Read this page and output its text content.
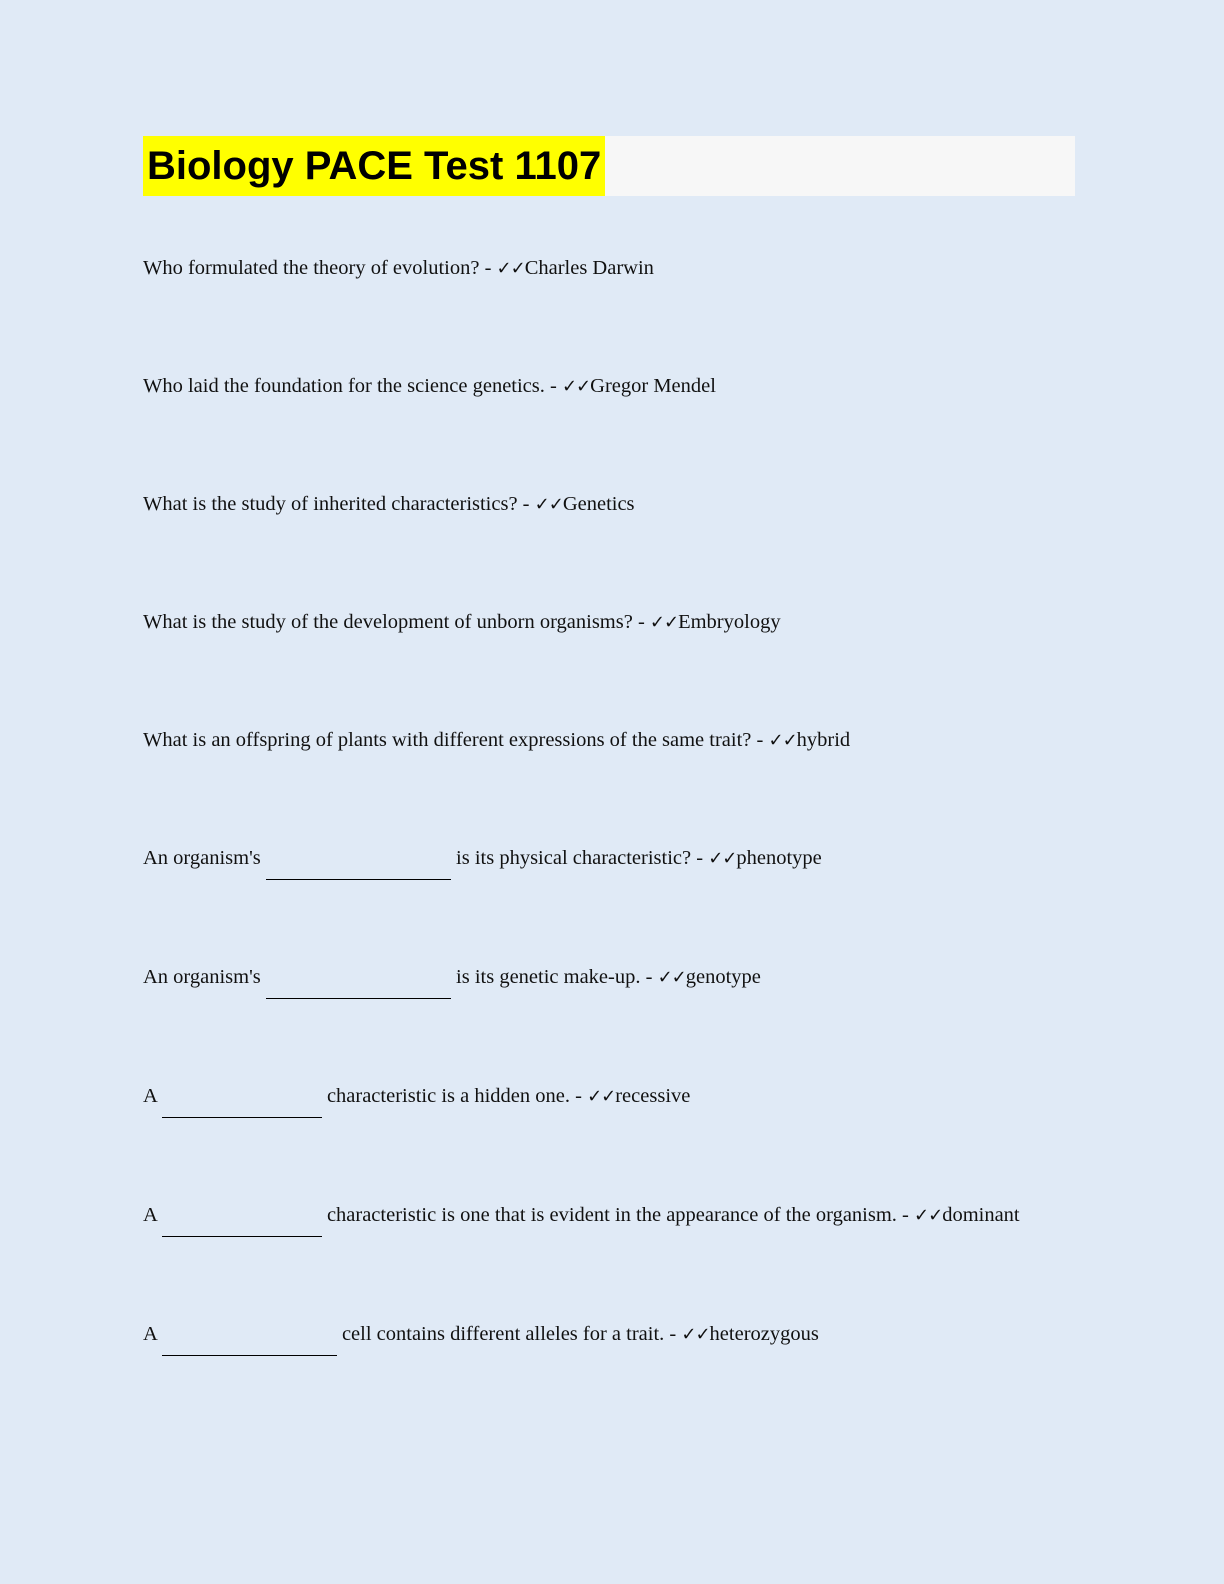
Biology PACE Test 1107

Who formulated the theory of evolution? - ✓✓Charles Darwin

Who laid the foundation for the science genetics. - ✓✓Gregor Mendel

What is the study of inherited characteristics? - ✓✓Genetics

What is the study of the development of unborn organisms? - ✓✓Embryology

What is an offspring of plants with different expressions of the same trait? - ✓✓hybrid

An organism's	is its physical characteristic? - ✓✓phenotype

An organism's	is its genetic make-up. - ✓✓genotype

A	characteristic is a hidden one. - ✓✓recessive

A	characteristic is one that is evident in the appearance of the organism. - ✓✓dominant

A	cell contains different alleles for a trait. - ✓✓heterozygous
